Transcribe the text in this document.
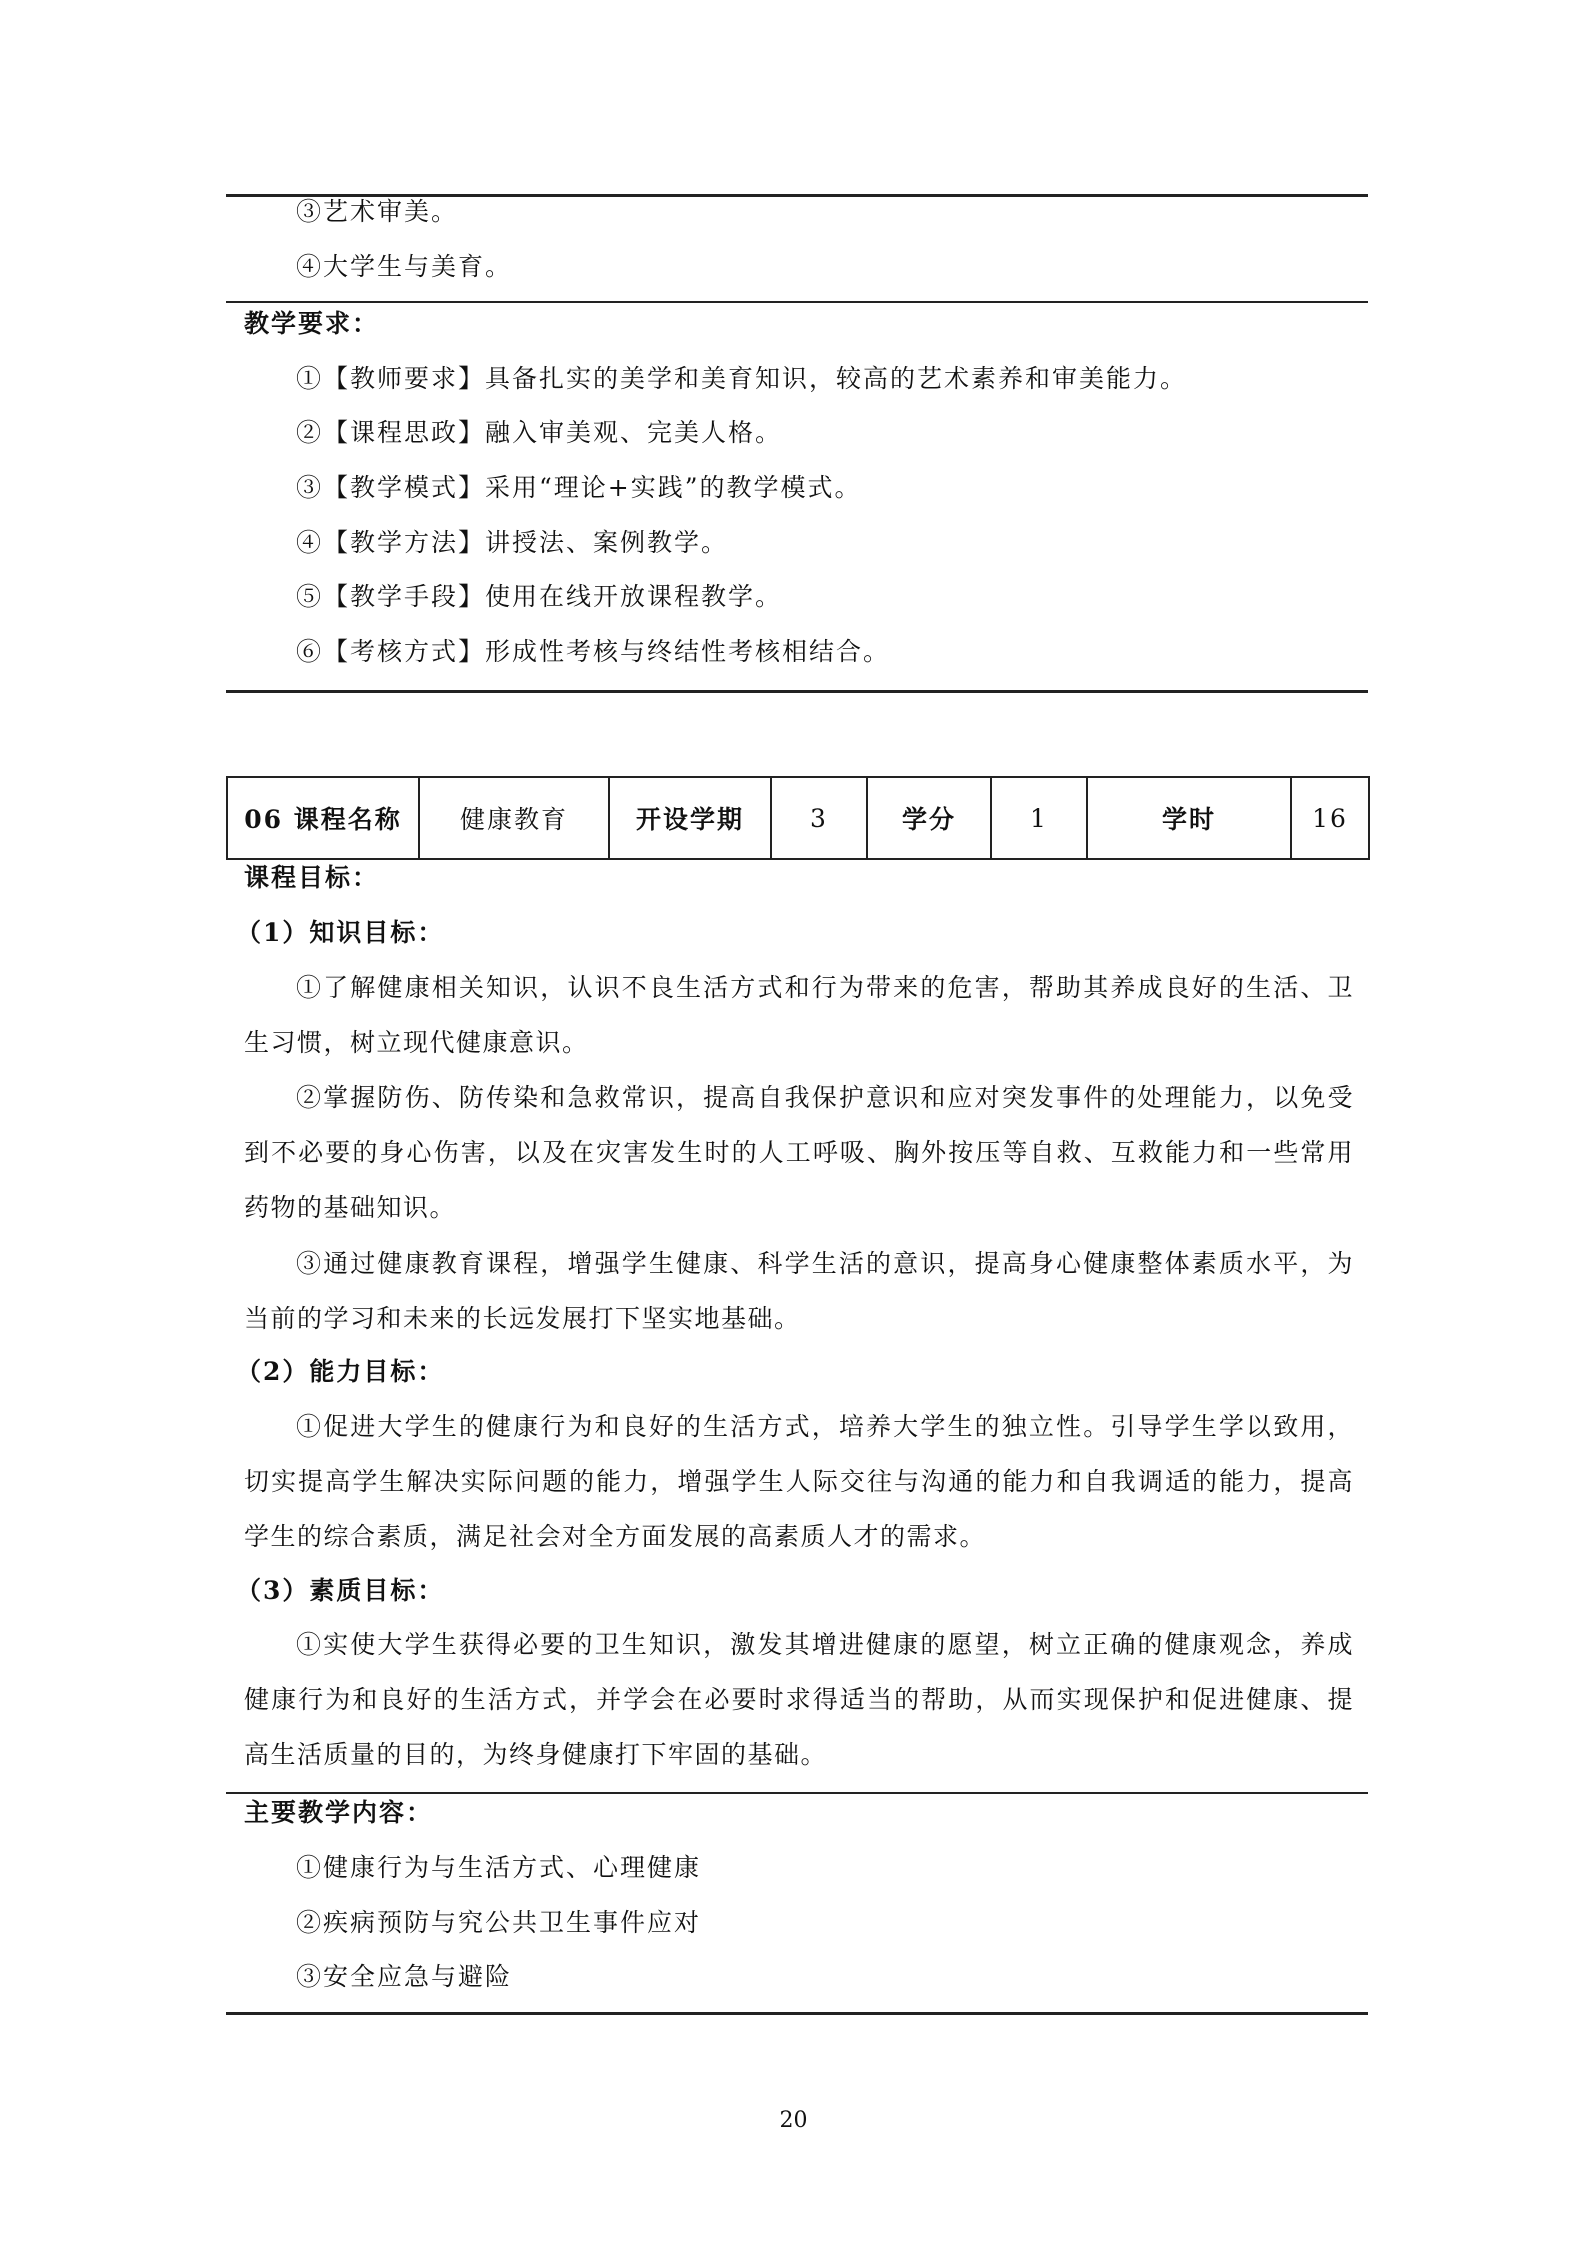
③艺术审美。
④大学生与美育。
教学要求：
①【教师要求】具备扎实的美学和美育知识，较高的艺术素养和审美能力。
②【课程思政】融入审美观、完美人格。
③【教学模式】采用“理论+实践”的教学模式。
④【教学方法】讲授法、案例教学。
⑤【教学手段】使用在线开放课程教学。
⑥【考核方式】形成性考核与终结性考核相结合。
06 课程名称	健康教育	开设学期	3	学分	1	学时	16
课程目标：
（1）知识目标：
①了解健康相关知识，认识不良生活方式和行为带来的危害，帮助其养成良好的生活、卫生习惯，树立现代健康意识。
②掌握防伤、防传染和急救常识，提高自我保护意识和应对突发事件的处理能力，以免受到不必要的身心伤害，以及在灾害发生时的人工呼吸、胸外按压等自救、互救能力和一些常用药物的基础知识。
③通过健康教育课程，增强学生健康、科学生活的意识，提高身心健康整体素质水平，为当前的学习和未来的长远发展打下坚实地基础。
（2）能力目标：
①促进大学生的健康行为和良好的生活方式，培养大学生的独立性。引导学生学以致用，切实提高学生解决实际问题的能力，增强学生人际交往与沟通的能力和自我调适的能力，提高学生的综合素质，满足社会对全方面发展的高素质人才的需求。
（3）素质目标：
①实使大学生获得必要的卫生知识，激发其增进健康的愿望，树立正确的健康观念，养成健康行为和良好的生活方式，并学会在必要时求得适当的帮助，从而实现保护和促进健康、提高生活质量的目的，为终身健康打下牢固的基础。
主要教学内容：
①健康行为与生活方式、心理健康
②疾病预防与究公共卫生事件应对
③安全应急与避险
20
